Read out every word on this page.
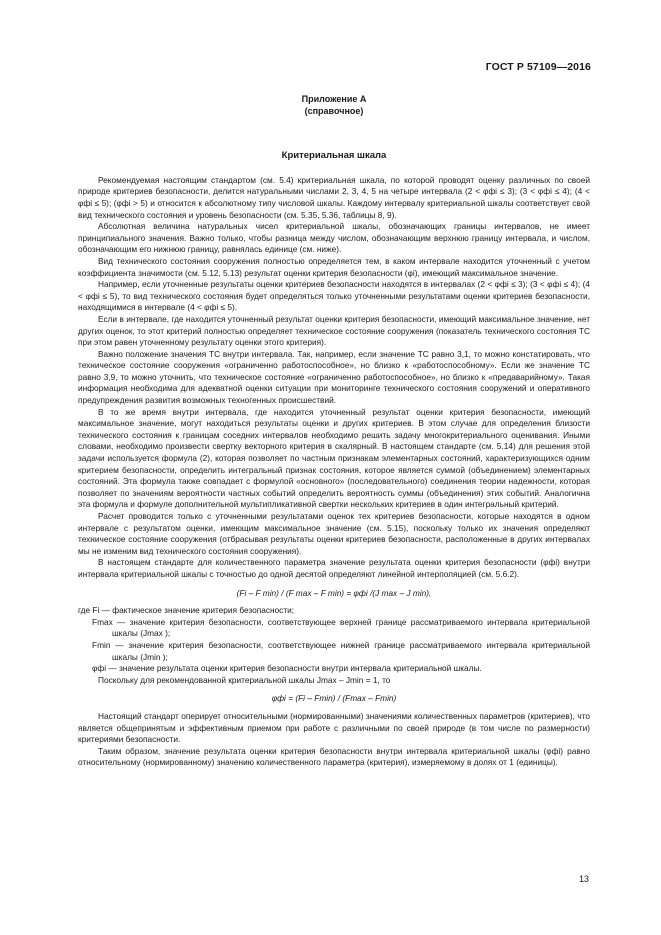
ГОСТ Р 57109—2016
Приложение А
(справочное)
Критериальная шкала

Рекомендуемая настоящим стандартом (см. 5.4) критериальная шкала, по которой проводят оценку различных по своей природе критериев безопасности, делится натуральными числами 2, 3, 4, 5 на четыре интервала (2 < φфi ≤ 3); (3 < φфi ≤ 4); (4 < φфi ≤ 5); (φфi > 5) и относится к абсолютному типу числовой шкалы. Каждому интервалу критериальной шкалы соответствует свой вид технического состояния и уровень безопасности (см. 5.35, 5.36, таблицы 8, 9).

Абсолютная величина натуральных чисел критериальной шкалы, обозначающих границы интервалов, не имеет принципиального значения. Важно только, чтобы разница между числом, обозначающим верхнюю границу интервала, и числом, обозначающим его нижнюю границу, равнялась единице (см. ниже).

Вид технического состояния сооружения полностью определяется тем, в каком интервале находится уточненный с учетом коэффициента значимости (см. 5.12, 5.13) результат оценки критерия безопасности (φi), имеющий максимальное значение.

Например, если уточненные результаты оценки критериев безопасности находятся в интервалах (2 < φфi ≤ 3); (3 < φфi ≤ 4); (4 < φфi ≤ 5), то вид технического состояния будет определяться только уточненными результатами оценки критериев безопасности, находящимися в интервале (4 < φфi ≤ 5).

Если в интервале, где находится уточненный результат оценки критерия безопасности, имеющий максимальное значение, нет других оценок, то этот критерий полностью определяет техническое состояние сооружения (показатель технического состояния ТС при этом равен уточненному результату оценки этого критерия).

Важно положение значения ТС внутри интервала. Так, например, если значение ТС равно 3,1, то можно констатировать, что техническое состояние сооружения «ограниченно работоспособное», но близко к «работоспособному». Если же значение ТС равно 3,9, то можно уточнить, что техническое состояние «ограниченно работоспособное», но близко к «предаварийному». Такая информация необходима для адекватной оценки ситуации при мониторинге технического состояния сооружений и оперативного предупреждения развития возможных техногенных происшествий.

В то же время внутри интервала, где находится уточненный результат оценки критерия безопасности, имеющий максимальное значение, могут находиться результаты оценки и других критериев. В этом случае для определения близости технического состояния к границам соседних интервалов необходимо решить задачу многокритериального оценивания. Иными словами, необходимо произвести свертку векторного критерия в скалярный. В настоящем стандарте (см. 5.14) для решения этой задачи используется формула (2), которая позволяет по частным признакам элементарных состояний, характеризующихся одним критерием безопасности, определить интегральный признак состояния, которое является суммой (объединением) элементарных состояний. Эта формула также совпадает с формулой «основного» (последовательного) соединения теории надежности, которая позволяет по значениям вероятности частных событий определить вероятность суммы (объединения) этих событий. Аналогична эта формула и формуле дополнительной мультипликативной свертки нескольких критериев в один интегральный критерий.

Расчет проводится только с уточненными результатами оценок тех критериев безопасности, которые находятся в одном интервале с результатом оценки, имеющим максимальное значение (см. 5.15), поскольку только их значения определяют техническое состояние сооружения (отбрасывая результаты оценки критериев безопасности, расположенные в других интервалах мы не изменим вид технического состояния сооружения).

В настоящем стандарте для количественного параметра значение результата оценки критерия безопасности (φфi) внутри интервала критериальной шкалы с точностью до одной десятой определяют линейной интерполяцией (см. 5.6.2).

(Fi – F min) / (F max – F min) = φфi /(J max – J min),
где Fi — фактическое значение критерия безопасности;
Fmax — значение критерия безопасности, соответствующее верхней границе рассматриваемого интервала критериальной шкалы (Jmax );
Fmin — значение критерия безопасности, соответствующее нижней границе рассматриваемого интервала критериальной шкалы (Jmin );
φфi — значение результата оценки критерия безопасности внутри интервала критериальной шкалы.

Поскольку для рекомендованной критериальной шкалы Jmax – Jmin = 1, то

φфi = (Fi – Fmin) / (Fmax – Fmin)

Настоящий стандарт оперирует относительными (нормированными) значениями количественных параметров (критериев), что является общепринятым и эффективным приемом при работе с различными по своей природе (в том числе по размерности) критериями безопасности.

Таким образом, значение результата оценки критерия безопасности внутри интервала критериальной шкалы (φфi) равно относительному (нормированному) значению количественного параметра (критерия), измеряемому в долях от 1 (единицы).

13
